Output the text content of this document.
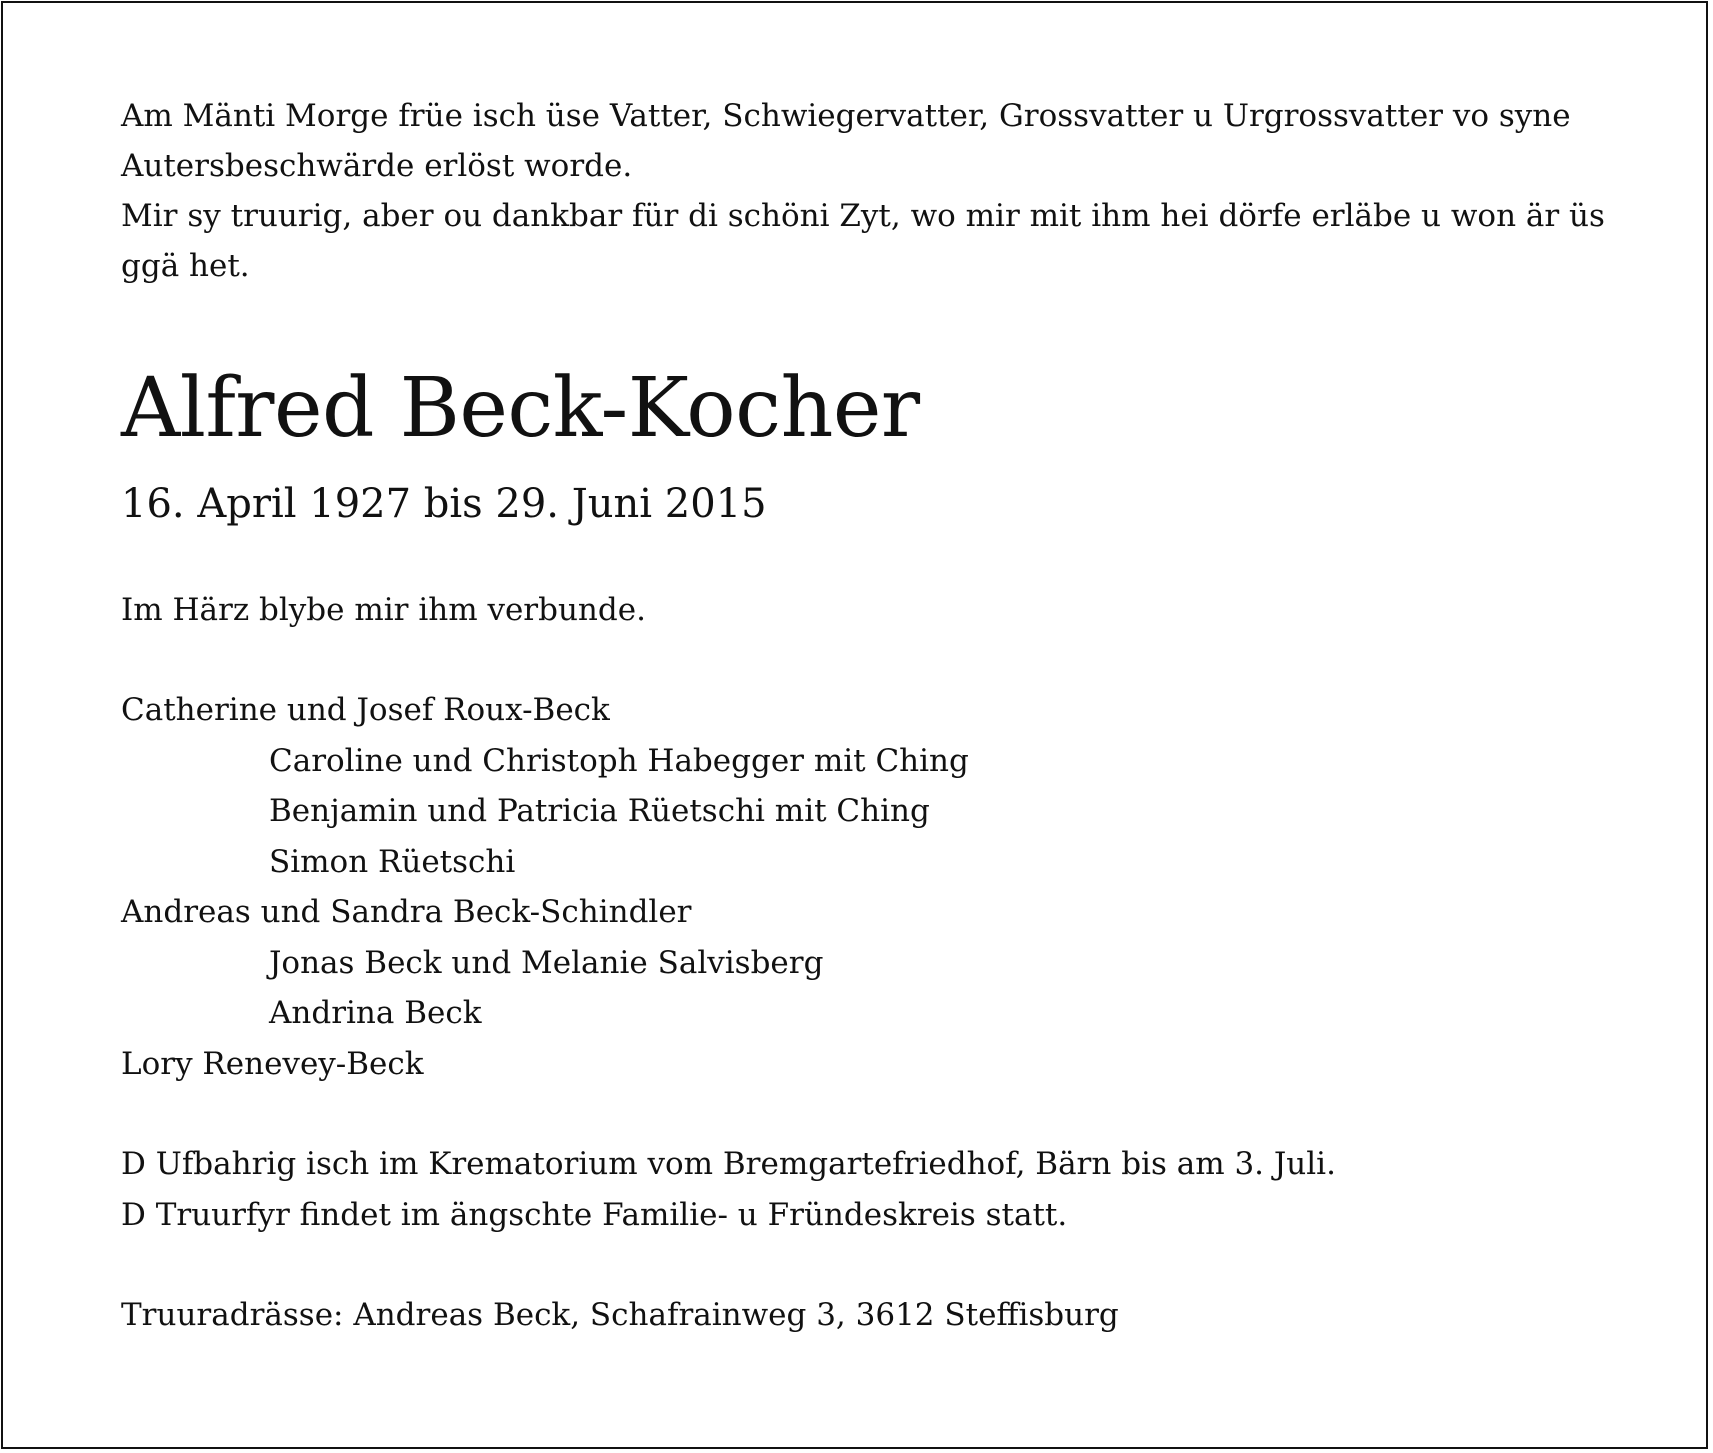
Am Mänti Morge früe isch üse Vatter, Schwiegervatter, Grossvatter u Urgrossvatter vo syne

Autersbeschwärde erlöst worde.

Mir sy truurig, aber ou dankbar für di schöni Zyt, wo mir mit ihm hei dörfe erläbe u won är üs

ggä het.

Alfred Beck-Kocher
16. April 1927 bis 29. Juni 2015
Im Härz blybe mir ihm verbunde.
Catherine und Josef Roux-Beck
Caroline und Christoph Habegger mit Ching
Benjamin und Patricia Rüetschi mit Ching
Simon Rüetschi
Andreas und Sandra Beck-Schindler
Jonas Beck und Melanie Salvisberg
Andrina Beck
Lory Renevey-Beck
D Ufbahrig isch im Krematorium vom Bremgartefriedhof, Bärn bis am 3. Juli.
D Truurfyr findet im ängschte Familie- u Fründeskreis statt.
Truuradrässe: Andreas Beck, Schafrainweg 3, 3612 Steffisburg
